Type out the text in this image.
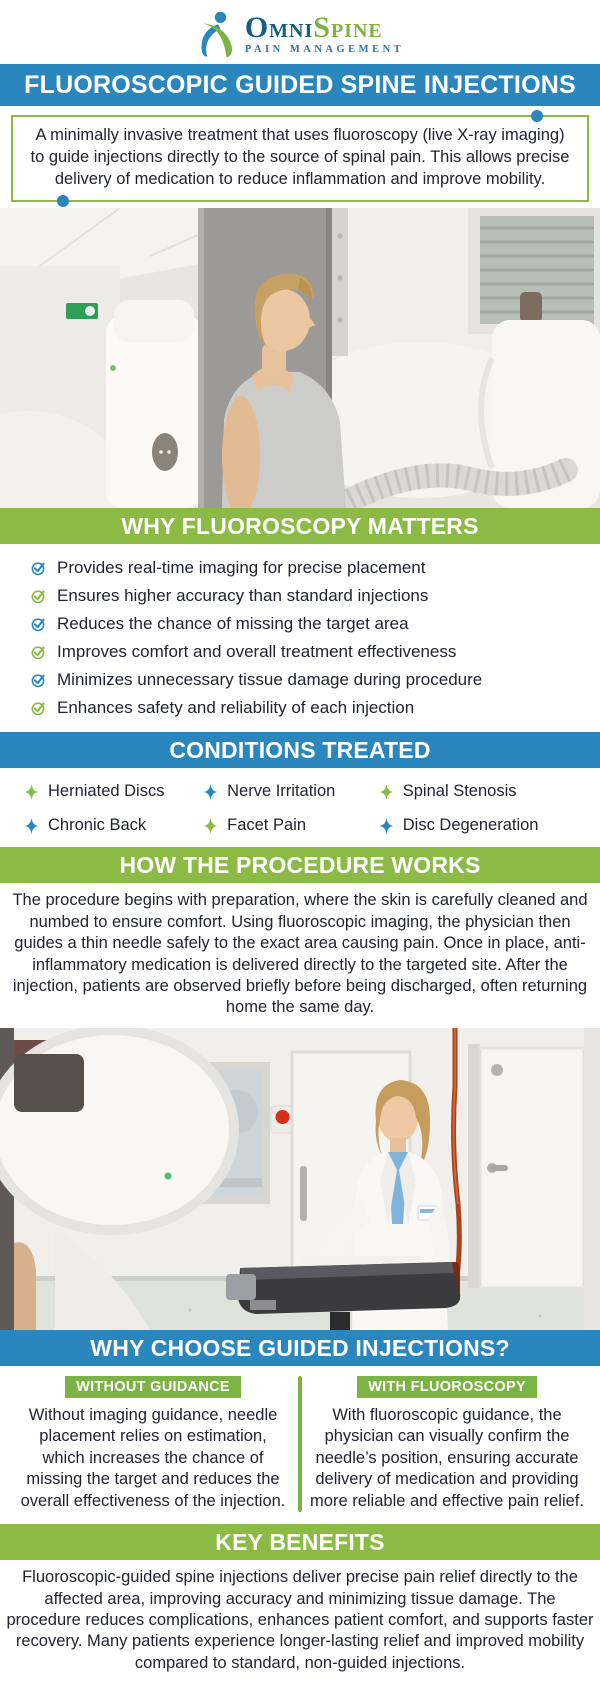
OMNISPINE
PAIN MANAGEMENT
FLUOROSCOPIC GUIDED SPINE INJECTIONS

A minimally invasive treatment that uses fluoroscopy (live X-ray imaging) to guide injections directly to the source of spinal pain. This allows precise delivery of medication to reduce inflammation and improve mobility.

WHY FLUOROSCOPY MATTERS
Provides real-time imaging for precise placement
Ensures higher accuracy than standard injections
Reduces the chance of missing the target area
Improves comfort and overall treatment effectiveness
Minimizes unnecessary tissue damage during procedure
Enhances safety and reliability of each injection
CONDITIONS TREATED
Herniated Discs	Nerve Irritation	Spinal Stenosis
Chronic Back	Facet Pain	Disc Degeneration
HOW THE PROCEDURE WORKS

The procedure begins with preparation, where the skin is carefully cleaned and numbed to ensure comfort. Using fluoroscopic imaging, the physician then guides a thin needle safely to the exact area causing pain. Once in place, anti-inflammatory medication is delivered directly to the targeted site. After the injection, patients are observed briefly before being discharged, often returning home the same day.

WHY CHOOSE GUIDED INJECTIONS?
WITHOUT GUIDANCE

Without imaging guidance, needle placement relies on estimation, which increases the chance of missing the target and reduces the overall effectiveness of the injection.

WITH FLUOROSCOPY

With fluoroscopic guidance, the physician can visually confirm the needle’s position, ensuring accurate delivery of medication and providing more reliable and effective pain relief.

KEY BENEFITS

Fluoroscopic-guided spine injections deliver precise pain relief directly to the affected area, improving accuracy and minimizing tissue damage. The procedure reduces complications, enhances patient comfort, and supports faster recovery. Many patients experience longer-lasting relief and improved mobility compared to standard, non-guided injections.
